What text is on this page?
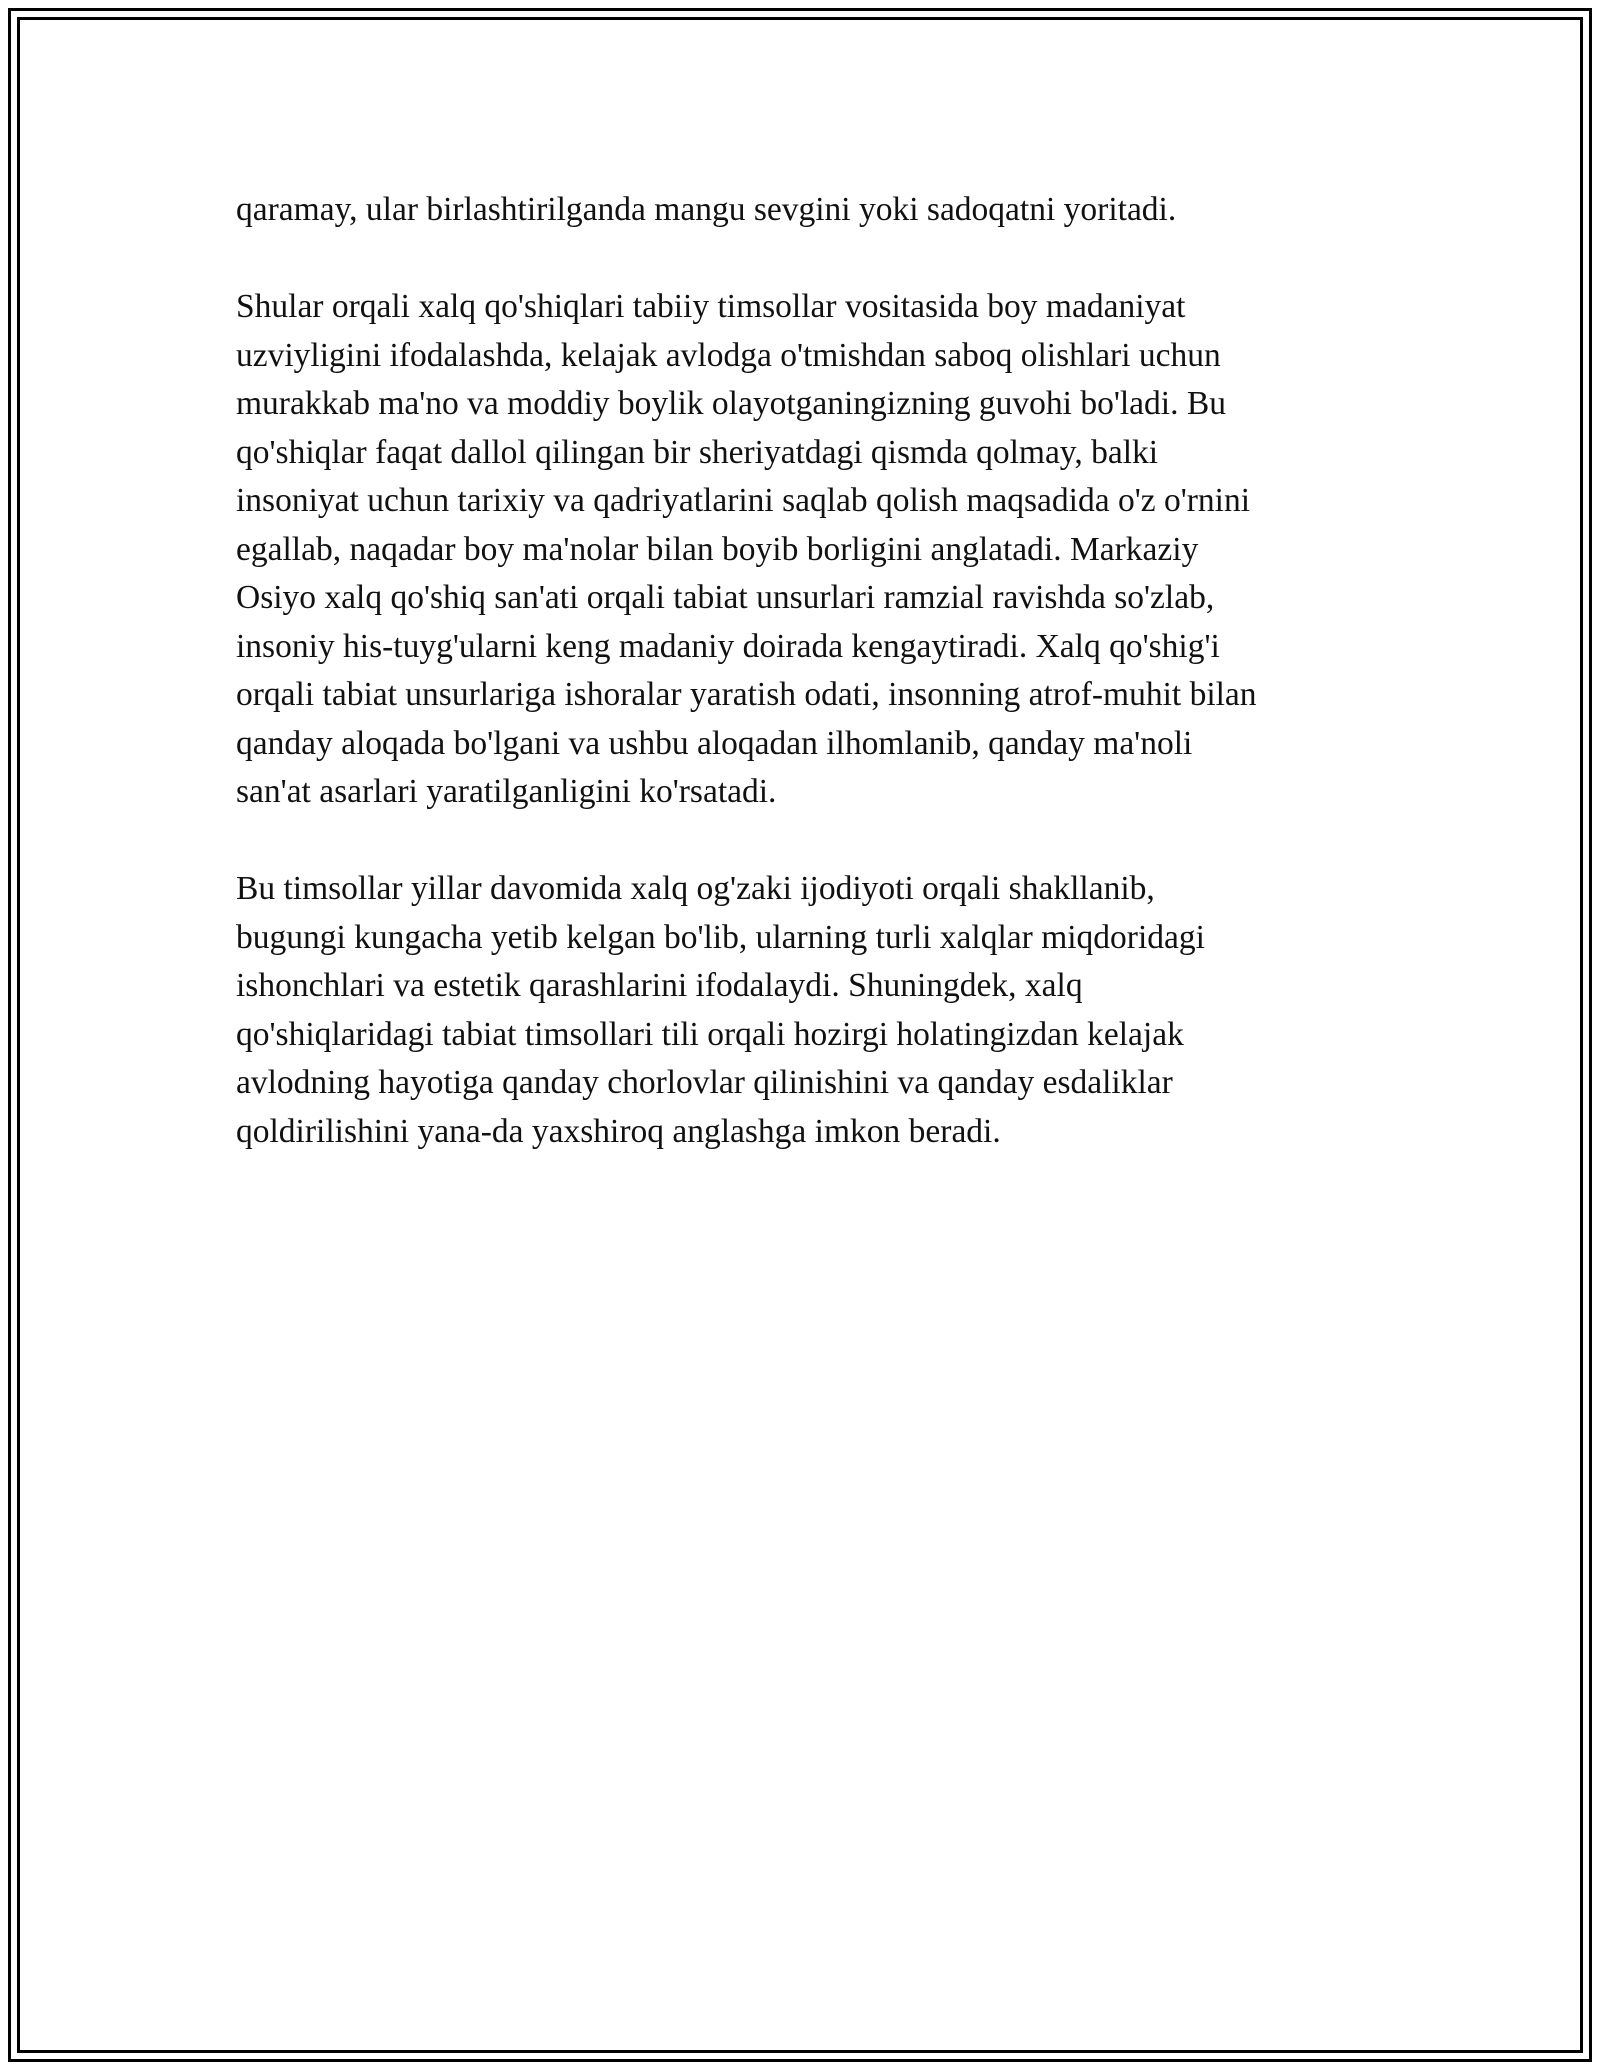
qaramay, ular birlashtirilganda mangu sevgini yoki sadoqatni yoritadi.

Shular orqali xalq qo'shiqlari tabiiy timsollar vositasida boy madaniyat
uzviyligini ifodalashda, kelajak avlodga o'tmishdan saboq olishlari uchun
murakkab ma'no va moddiy boylik olayotganingizning guvohi bo'ladi. Bu
qo'shiqlar faqat dallol qilingan bir sheriyatdagi qismda qolmay, balki
insoniyat uchun tarixiy va qadriyatlarini saqlab qolish maqsadida o'z o'rnini
egallab, naqadar boy ma'nolar bilan boyib borligini anglatadi. Markaziy
Osiyo xalq qo'shiq san'ati orqali tabiat unsurlari ramzial ravishda so'zlab,
insoniy his-tuyg'ularni keng madaniy doirada kengaytiradi. Xalq qo'shig'i
orqali tabiat unsurlariga ishoralar yaratish odati, insonning atrof-muhit bilan
qanday aloqada bo'lgani va ushbu aloqadan ilhomlanib, qanday ma'noli
san'at asarlari yaratilganligini ko'rsatadi.

Bu timsollar yillar davomida xalq og'zaki ijodiyoti orqali shakllanib,
bugungi kungacha yetib kelgan bo'lib, ularning turli xalqlar miqdoridagi
ishonchlari va estetik qarashlarini ifodalaydi. Shuningdek, xalq
qo'shiqlaridagi tabiat timsollari tili orqali hozirgi holatingizdan kelajak
avlodning hayotiga qanday chorlovlar qilinishini va qanday esdaliklar
qoldirilishini yana-da yaxshiroq anglashga imkon beradi.
